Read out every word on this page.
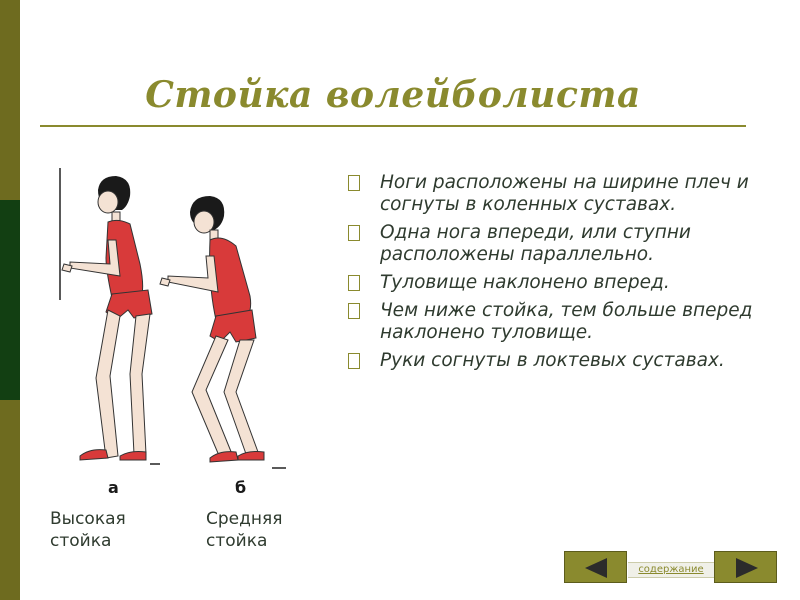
Стойка волейболиста
а	б
Высокая
стойка
Средняя
стойка
Ноги расположены на ширине плеч и согнуты в коленных суставах.
Одна нога впереди, или ступни расположены параллельно.
Туловище наклонено вперед.
Чем ниже стойка, тем больше вперед наклонено туловище.
Руки согнуты в локтевых суставах.
содержание
